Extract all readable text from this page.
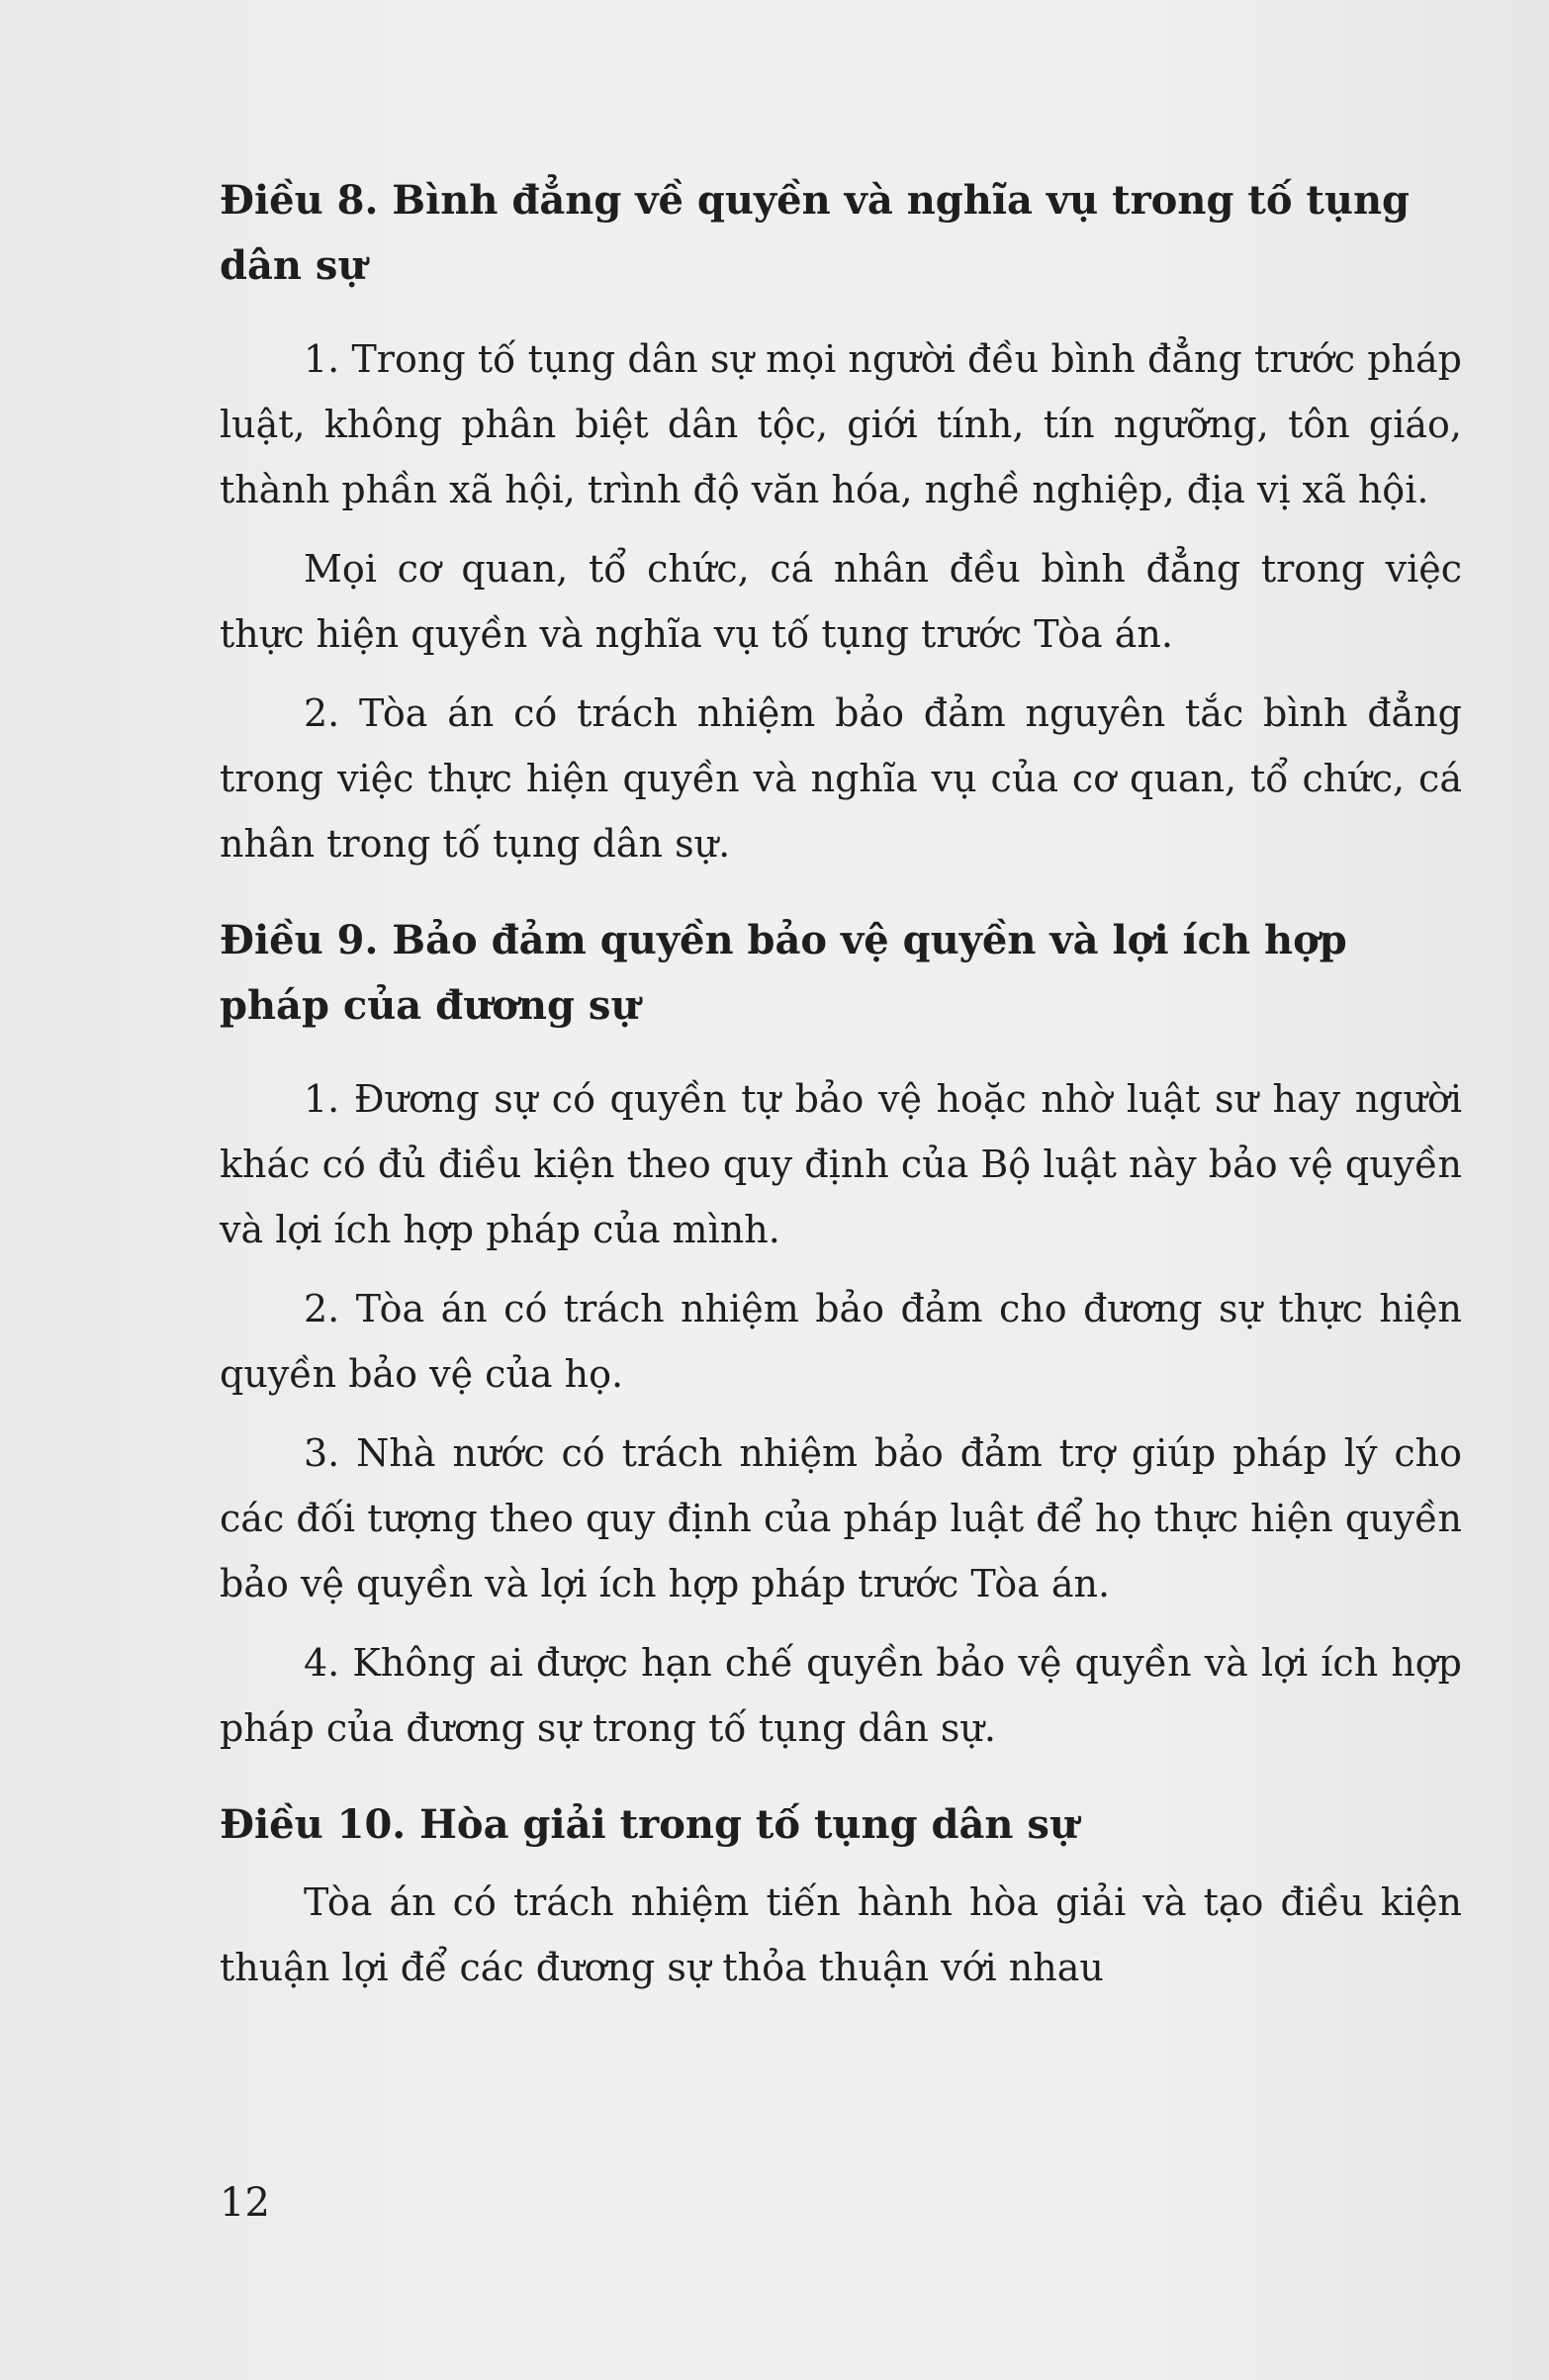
Điều 8. Bình đẳng về quyền và nghĩa vụ trong tố tụng dân sự
1. Trong tố tụng dân sự mọi người đều bình đẳng trước pháp luật, không phân biệt dân tộc, giới tính, tín ngưỡng, tôn giáo, thành phần xã hội, trình độ văn hóa, nghề nghiệp, địa vị xã hội.
Mọi cơ quan, tổ chức, cá nhân đều bình đẳng trong việc thực hiện quyền và nghĩa vụ tố tụng trước Tòa án.
2. Tòa án có trách nhiệm bảo đảm nguyên tắc bình đẳng trong việc thực hiện quyền và nghĩa vụ của cơ quan, tổ chức, cá nhân trong tố tụng dân sự.
Điều 9. Bảo đảm quyền bảo vệ quyền và lợi ích hợp pháp của đương sự
1. Đương sự có quyền tự bảo vệ hoặc nhờ luật sư hay người khác có đủ điều kiện theo quy định của Bộ luật này bảo vệ quyền và lợi ích hợp pháp của mình.
2. Tòa án có trách nhiệm bảo đảm cho đương sự thực hiện quyền bảo vệ của họ.
3. Nhà nước có trách nhiệm bảo đảm trợ giúp pháp lý cho các đối tượng theo quy định của pháp luật để họ thực hiện quyền bảo vệ quyền và lợi ích hợp pháp trước Tòa án.
4. Không ai được hạn chế quyền bảo vệ quyền và lợi ích hợp pháp của đương sự trong tố tụng dân sự.
Điều 10. Hòa giải trong tố tụng dân sự
Tòa án có trách nhiệm tiến hành hòa giải và tạo điều kiện thuận lợi để các đương sự thỏa thuận với nhau
12
